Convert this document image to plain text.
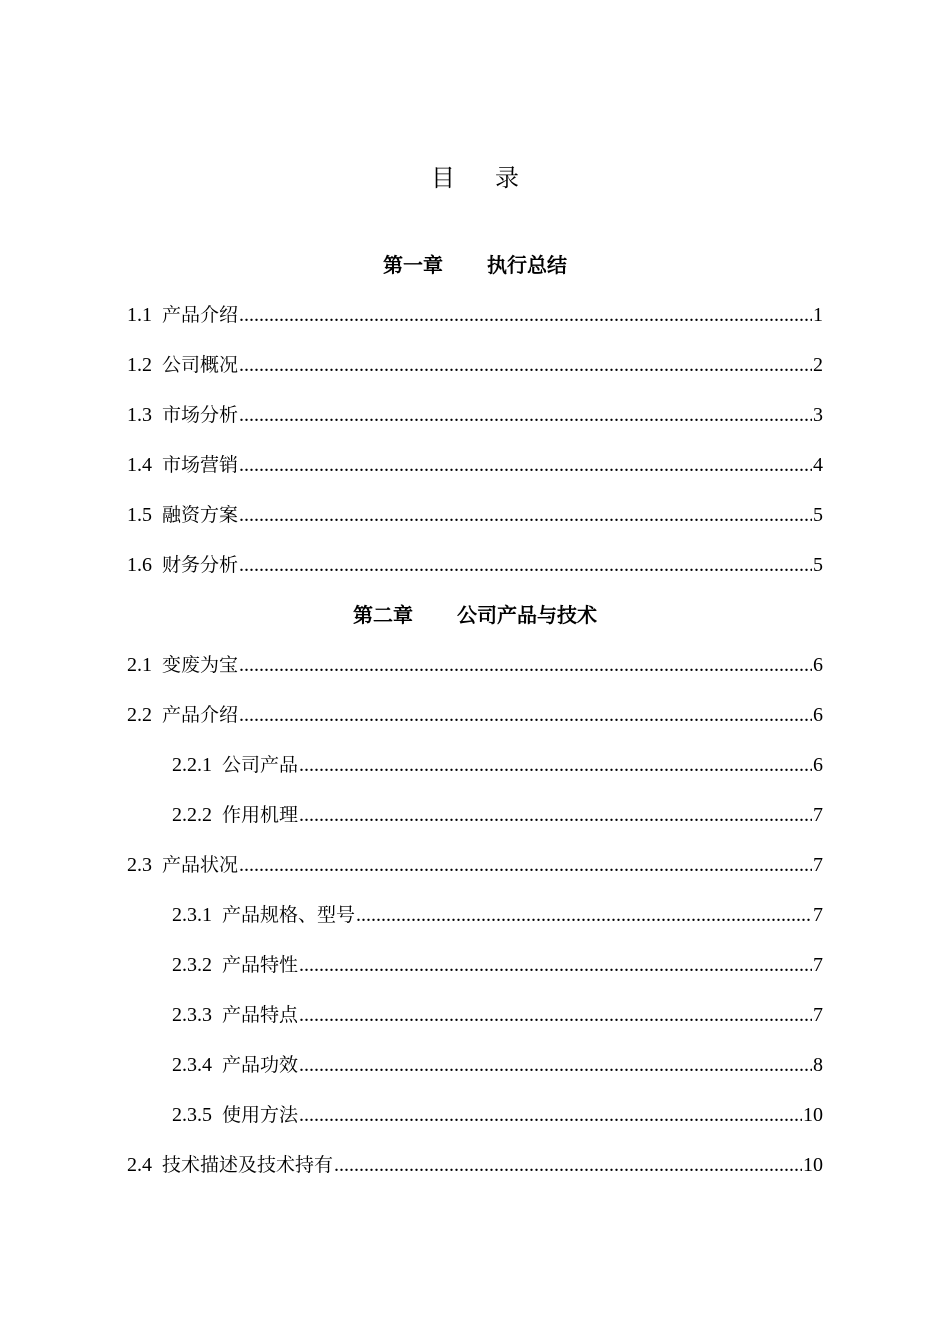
目 录
第一章 执行总结
1.1 产品介绍 .....	1
1.2 公司概况 .....	2
1.3 市场分析 .....	3
1.4 市场营销 .....	4
1.5 融资方案 .....	5
1.6 财务分析 .....	5
第二章 公司产品与技术
2.1 变废为宝 .....	6
2.2 产品介绍 .....	6
2.2.1 公司产品 .....	6
2.2.2 作用机理 .....	7
2.3 产品状况 .....	7
2.3.1 产品规格、型号 .....	7
2.3.2 产品特性 .....	7
2.3.3 产品特点 .....	7
2.3.4 产品功效 .....	8
2.3.5 使用方法 .....	10
2.4 技术描述及技术持有 .....	10
